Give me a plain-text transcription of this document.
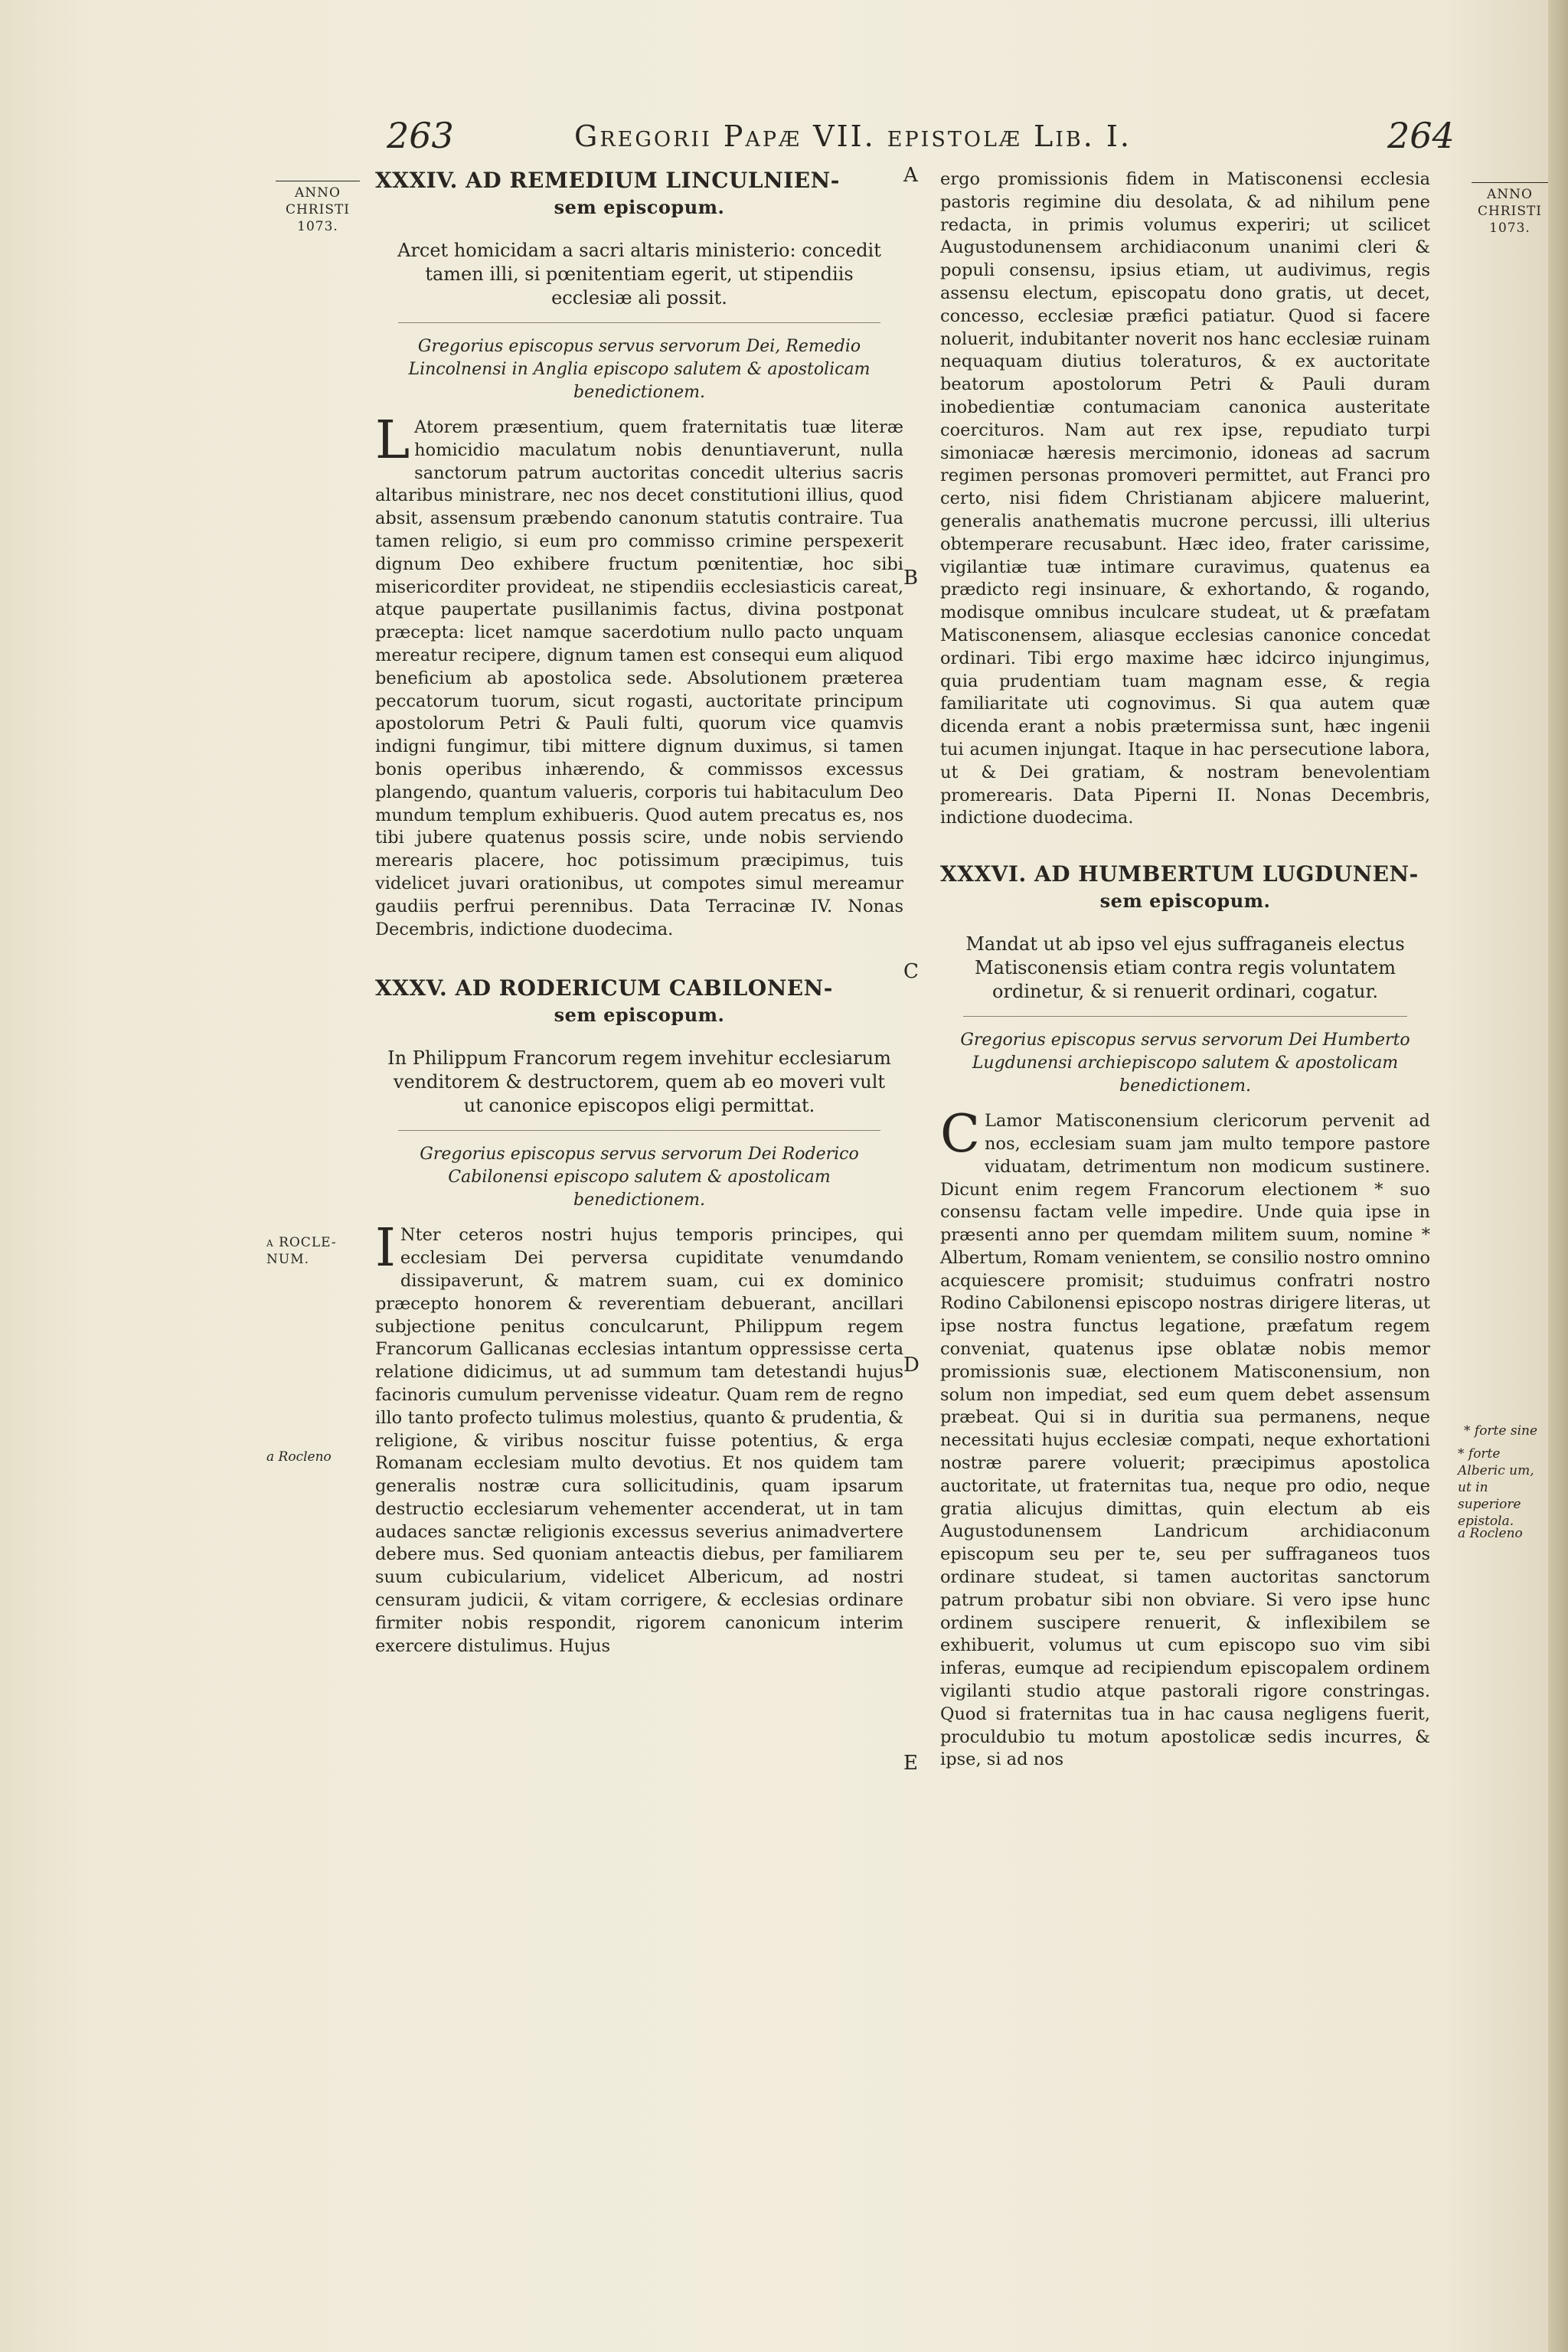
263	Gregorii Papæ VII. epistolæ Lib. I.	264
ANNO CHRISTI 1073.
ANNO CHRISTI 1073.
a ROCLE-NUM.
a Rocleno
* forte sine
* forte Alberic um, ut in superiore epistola.
a Rocleno
A
B
C
D
E
XXXIV. AD REMEDIUM LINCULNIEN-
sem episcopum.

Arcet homicidam a sacri altaris ministerio: concedit tamen illi, si pœnitentiam egerit, ut stipendiis ecclesiæ ali possit.

Gregorius episcopus servus servorum Dei, Remedio Lincolnensi in Anglia episcopo salutem & apostolicam benedictionem.

L Atorem præsentium, quem fraternitatis tuæ literæ homicidio maculatum nobis denuntiaverunt, nulla sanctorum patrum auctoritas concedit ulterius sacris altaribus ministrare, nec nos decet constitutioni illius, quod absit, assensum præbendo canonum statutis contraire. Tua tamen religio, si eum pro commisso crimine perspexerit dignum Deo exhibere fructum pœnitentiæ, hoc sibi misericorditer provideat, ne stipendiis ecclesiasticis careat, atque paupertate pusillanimis factus, divina postponat præcepta: licet namque sacerdotium nullo pacto unquam mereatur recipere, dignum tamen est consequi eum aliquod beneficium ab apostolica sede. Absolutionem præterea peccatorum tuorum, sicut rogasti, auctoritate principum apostolorum Petri & Pauli fulti, quorum vice quamvis indigni fungimur, tibi mittere dignum duximus, si tamen bonis operibus inhærendo, & commissos excessus plangendo, quantum valueris, corporis tui habitaculum Deo mundum templum exhibueris. Quod autem precatus es, nos tibi jubere quatenus possis scire, unde nobis serviendo merearis placere, hoc potissimum præcipimus, tuis videlicet juvari orationibus, ut compotes simul mereamur gaudiis perfrui perennibus. Data Terracinæ IV. Nonas Decembris, indictione duodecima.

XXXV. AD RODERICUM CABILONEN-
sem episcopum.

In Philippum Francorum regem invehitur ecclesiarum venditorem & destructorem, quem ab eo moveri vult ut canonice episcopos eligi permittat.

Gregorius episcopus servus servorum Dei Roderico Cabilonensi episcopo salutem & apostolicam benedictionem.

I Nter ceteros nostri hujus temporis principes, qui ecclesiam Dei perversa cupiditate venumdando dissipaverunt, & matrem suam, cui ex dominico præcepto honorem & reverentiam debuerant, ancillari subjectione penitus conculcarunt, Philippum regem Francorum Gallicanas ecclesias intantum oppressisse certa relatione didicimus, ut ad summum tam detestandi hujus facinoris cumulum pervenisse videatur. Quam rem de regno illo tanto profecto tulimus molestius, quanto & prudentia, & religione, & viribus noscitur fuisse potentius, & erga Romanam ecclesiam multo devotius. Et nos quidem tam generalis nostræ cura sollicitudinis, quam ipsarum destructio ecclesiarum vehementer accenderat, ut in tam audaces sanctæ religionis excessus severius animadvertere debere mus. Sed quoniam anteactis diebus, per familiarem suum cubicularium, videlicet Albericum, ad nostri censuram judicii, & vitam corrigere, & ecclesias ordinare firmiter nobis respondit, rigorem canonicum interim exercere distulimus. Hujus

ergo promissionis fidem in Matisconensi ecclesia pastoris regimine diu desolata, & ad nihilum pene redacta, in primis volumus experiri; ut scilicet Augustodunensem archidiaconum unanimi cleri & populi consensu, ipsius etiam, ut audivimus, regis assensu electum, episcopatu dono gratis, ut decet, concesso, ecclesiæ præfici patiatur. Quod si facere noluerit, indubitanter noverit nos hanc ecclesiæ ruinam nequaquam diutius toleraturos, & ex auctoritate beatorum apostolorum Petri & Pauli duram inobedientiæ contumaciam canonica austeritate coercituros. Nam aut rex ipse, repudiato turpi simoniacæ hæresis mercimonio, idoneas ad sacrum regimen personas promoveri permittet, aut Franci pro certo, nisi fidem Christianam abjicere maluerint, generalis anathematis mucrone percussi, illi ulterius obtemperare recusabunt. Hæc ideo, frater carissime, vigilantiæ tuæ intimare curavimus, quatenus ea prædicto regi insinuare, & exhortando, & rogando, modisque omnibus inculcare studeat, ut & præfatam Matisconensem, aliasque ecclesias canonice concedat ordinari. Tibi ergo maxime hæc idcirco injungimus, quia prudentiam tuam magnam esse, & regia familiaritate uti cognovimus. Si qua autem quæ dicenda erant a nobis prætermissa sunt, hæc ingenii tui acumen injungat. Itaque in hac persecutione labora, ut & Dei gratiam, & nostram benevolentiam promerearis. Data Piperni II. Nonas Decembris, indictione duodecima.

XXXVI. AD HUMBERTUM LUGDUNEN-
sem episcopum.

Mandat ut ab ipso vel ejus suffraganeis electus Matisconensis etiam contra regis voluntatem ordinetur, & si renuerit ordinari, cogatur.

Gregorius episcopus servus servorum Dei Humberto Lugdunensi archiepiscopo salutem & apostolicam benedictionem.

C Lamor Matisconensium clericorum pervenit ad nos, ecclesiam suam jam multo tempore pastore viduatam, detrimentum non modicum sustinere. Dicunt enim regem Francorum electionem * suo consensu factam velle impedire. Unde quia ipse in præsenti anno per quemdam militem suum, nomine * Albertum, Romam venientem, se consilio nostro omnino acquiescere promisit; studuimus confratri nostro Rodino Cabilonensi episcopo nostras dirigere literas, ut ipse nostra functus legatione, præfatum regem conveniat, quatenus ipse oblatæ nobis memor promissionis suæ, electionem Matisconensium, non solum non impediat, sed eum quem debet assensum præbeat. Qui si in duritia sua permanens, neque necessitati hujus ecclesiæ compati, neque exhortationi nostræ parere voluerit; præcipimus apostolica auctoritate, ut fraternitas tua, neque pro odio, neque gratia alicujus dimittas, quin electum ab eis Augustodunensem Landricum archidiaconum episcopum seu per te, seu per suffraganeos tuos ordinare studeat, si tamen auctoritas sanctorum patrum probatur sibi non obviare. Si vero ipse hunc ordinem suscipere renuerit, & inflexibilem se exhibuerit, volumus ut cum episcopo suo vim sibi inferas, eumque ad recipiendum episcopalem ordinem vigilanti studio atque pastorali rigore constringas. Quod si fraternitas tua in hac causa negligens fuerit, proculdubio tu motum apostolicæ sedis incurres, & ipse, si ad nos
